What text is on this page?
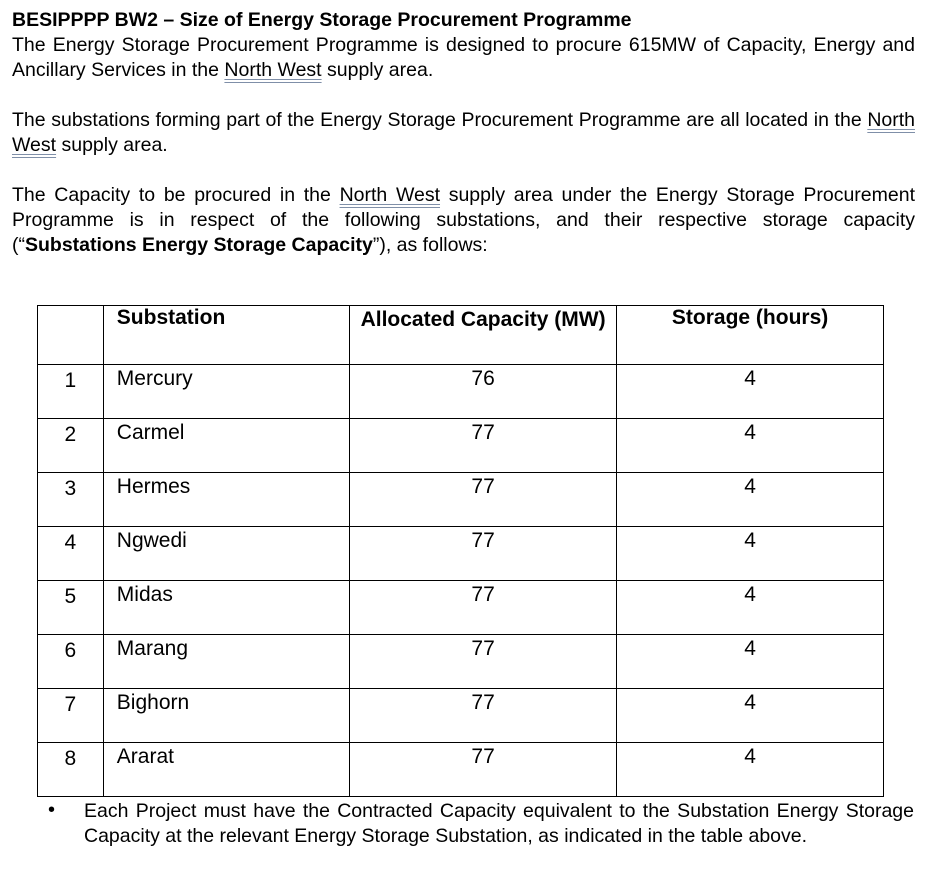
BESIPPPP BW2 – Size of Energy Storage Procurement Programme

The Energy Storage Procurement Programme is designed to procure 615MW of Capacity, Energy and Ancillary Services in the North West supply area.

The substations forming part of the Energy Storage Procurement Programme are all located in the North West supply area.

The Capacity to be procured in the North West supply area under the Energy Storage Procurement Programme is in respect of the following substations, and their respective storage capacity (“Substations Energy Storage Capacity”), as follows:

	Substation	Allocated Capacity (MW)	Storage (hours)
1	Mercury	76	4
2	Carmel	77	4
3	Hermes	77	4
4	Ngwedi	77	4
5	Midas	77	4
6	Marang	77	4
7	Bighorn	77	4
8	Ararat	77	4
• Each Project must have the Contracted Capacity equivalent to the Substation Energy Storage Capacity at the relevant Energy Storage Substation, as indicated in the table above.
